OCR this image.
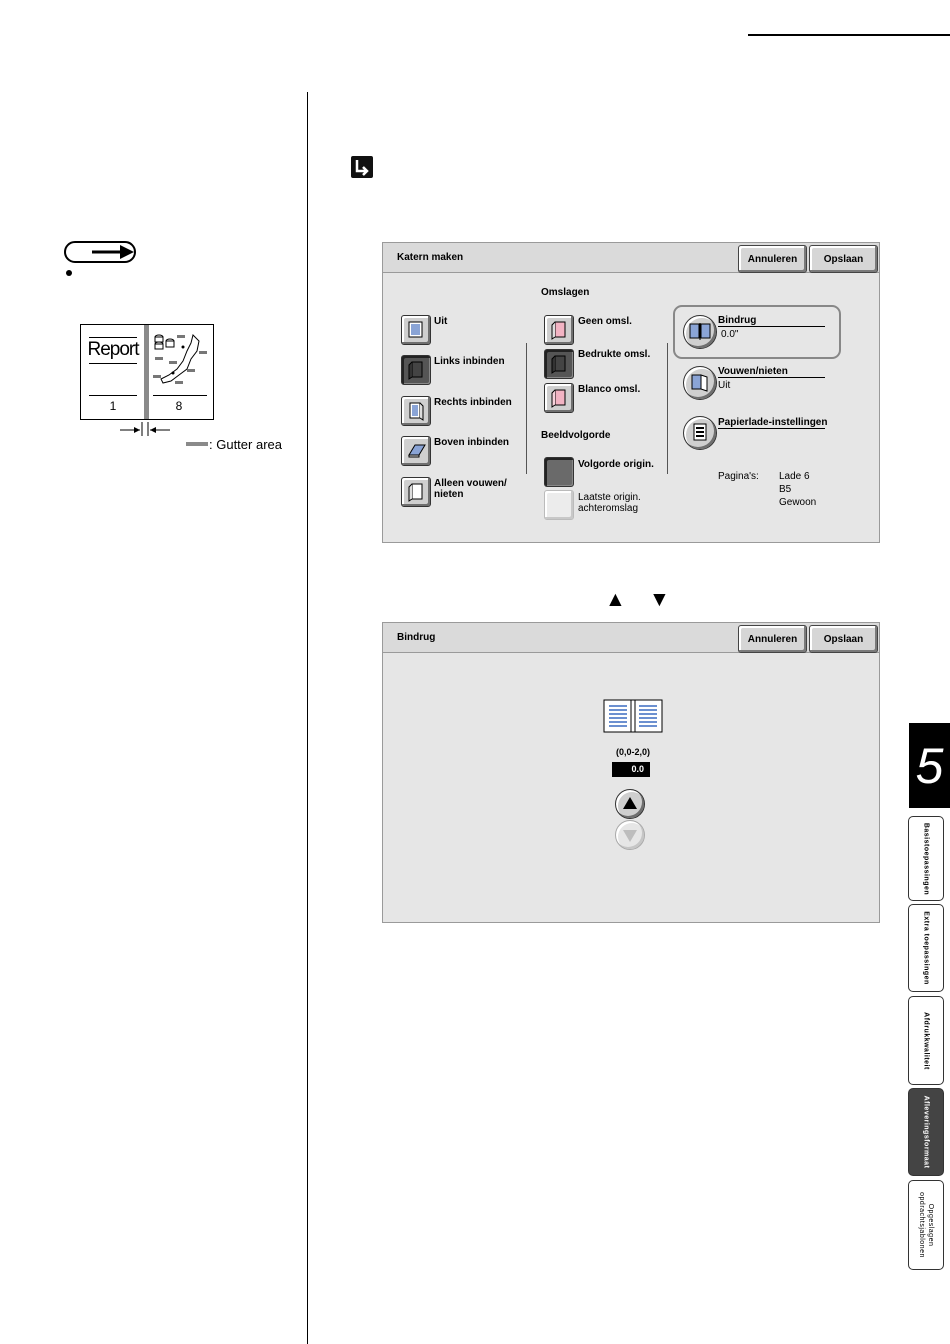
Report
1	8
: Gutter area
Katern maken	Annuleren	Opslaan
Uit
Links inbinden
Rechts inbinden
Boven inbinden
Alleen vouwen/
nieten
Omslagen
Geen omsl.
Bedrukte omsl.
Blanco omsl.
Beeldvolgorde
Volgorde origin.
Laatste origin.
achteromslag
Bindrug
0.0"
Vouwen/nieten
Uit
Papierlade-instellingen
Pagina's: Lade 6
B5
Gewoon
▲ ▼
Bindrug	Annuleren	Opslaan
(0,0-2,0)
0.0	5
Basistoepassingen
Extra toepassingen
Afdrukkwaliteit
Afleveringsformaat
Opgeslagen
opdrachtsjablonen
